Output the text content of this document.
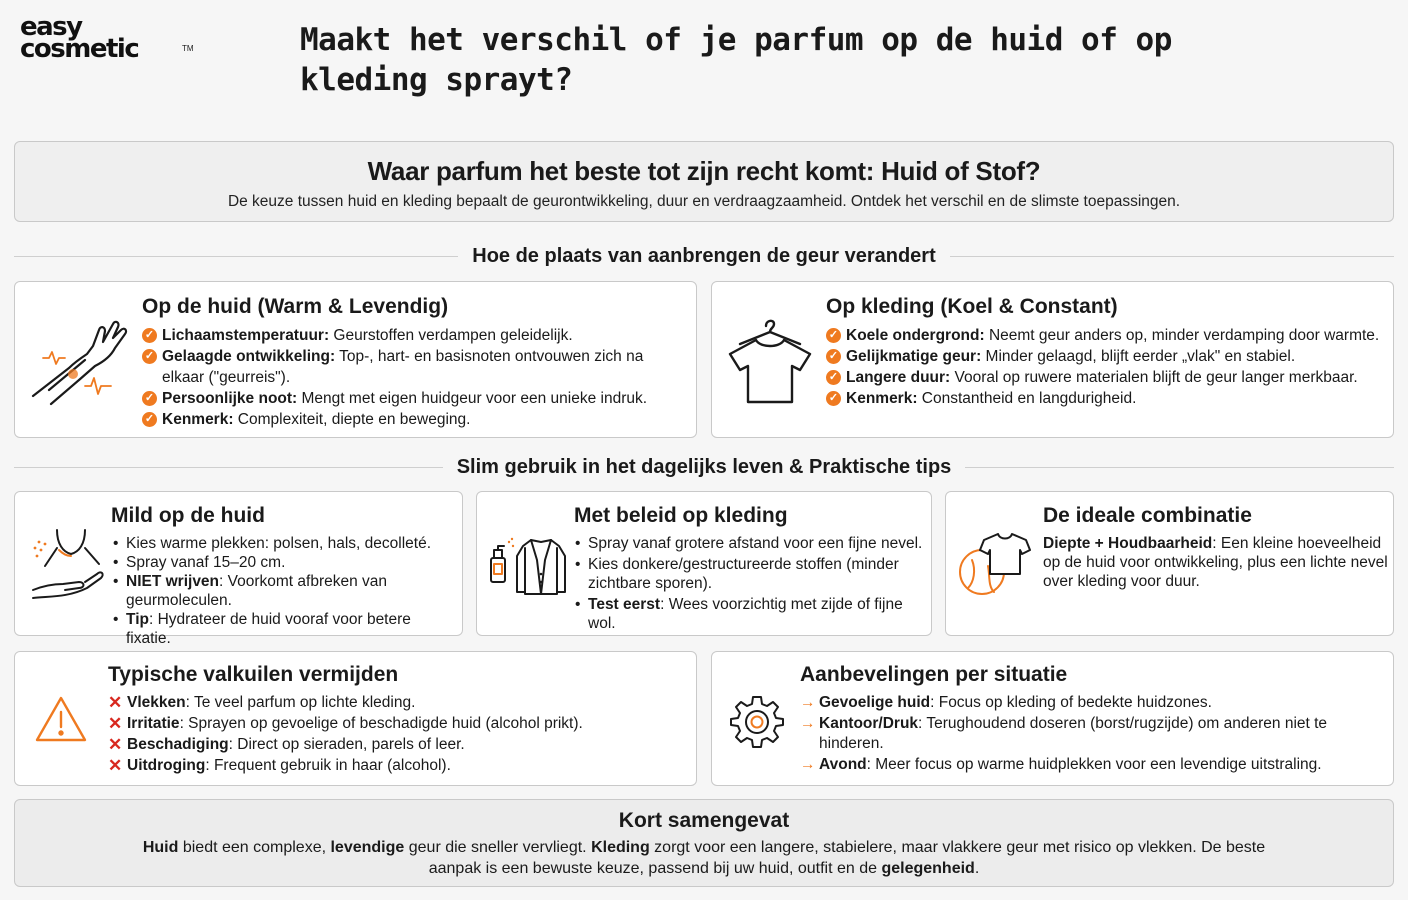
easy
cosmetic	TM	Maakt het verschil of je parfum op de huid of op kleding sprayt?
Waar parfum het beste tot zijn recht komt: Huid of Stof?

De keuze tussen huid en kleding bepaalt de geurontwikkeling, duur en verdraagzaamheid. Ontdek het verschil en de slimste toepassingen.

Hoe de plaats van aanbrengen de geur verandert
Op de huid (Warm & Levendig)
✓ Lichaamstemperatuur: Geurstoffen verdampen geleidelijk.
✓ Gelaagde ontwikkeling: Top-, hart- en basisnoten ontvouwen zich na elkaar ("geurreis").
✓ Persoonlijke noot: Mengt met eigen huidgeur voor een unieke indruk.
✓ Kenmerk: Complexiteit, diepte en beweging.
Op kleding (Koel & Constant)
✓ Koele ondergrond: Neemt geur anders op, minder verdamping door warmte.
✓ Gelijkmatige geur: Minder gelaagd, blijft eerder „vlak" en stabiel.
✓ Langere duur: Vooral op ruwere materialen blijft de geur langer merkbaar.
✓ Kenmerk: Constantheid en langdurigheid.
Slim gebruik in het dagelijks leven & Praktische tips
Mild op de huid
• Kies warme plekken: polsen, hals, decolleté.
• Spray vanaf 15–20 cm.
• NIET wrijven: Voorkomt afbreken van geurmoleculen.
• Tip: Hydrateer de huid vooraf voor betere fixatie.
Met beleid op kleding
• Spray vanaf grotere afstand voor een fijne nevel.
• Kies donkere/gestructureerde stoffen (minder zichtbare sporen).
• Test eerst: Wees voorzichtig met zijde of fijne wol.
De ideale combinatie

Diepte + Houdbaarheid: Een kleine hoeveelheid op de huid voor ontwikkeling, plus een lichte nevel over kleding voor duur.

Typische valkuilen vermijden
✕ Vlekken: Te veel parfum op lichte kleding.
✕ Irritatie: Sprayen op gevoelige of beschadigde huid (alcohol prikt).
✕ Beschadiging: Direct op sieraden, parels of leer.
✕ Uitdroging: Frequent gebruik in haar (alcohol).
Aanbevelingen per situatie
→ Gevoelige huid: Focus op kleding of bedekte huidzones.
→ Kantoor/Druk: Terughoudend doseren (borst/rugzijde) om anderen niet te hinderen.
→ Avond: Meer focus op warme huidplekken voor een levendige uitstraling.
Kort samengevat

Huid biedt een complexe, levendige geur die sneller vervliegt. Kleding zorgt voor een langere, stabielere, maar vlakkere geur met risico op vlekken. De beste aanpak is een bewuste keuze, passend bij uw huid, outfit en de gelegenheid.
